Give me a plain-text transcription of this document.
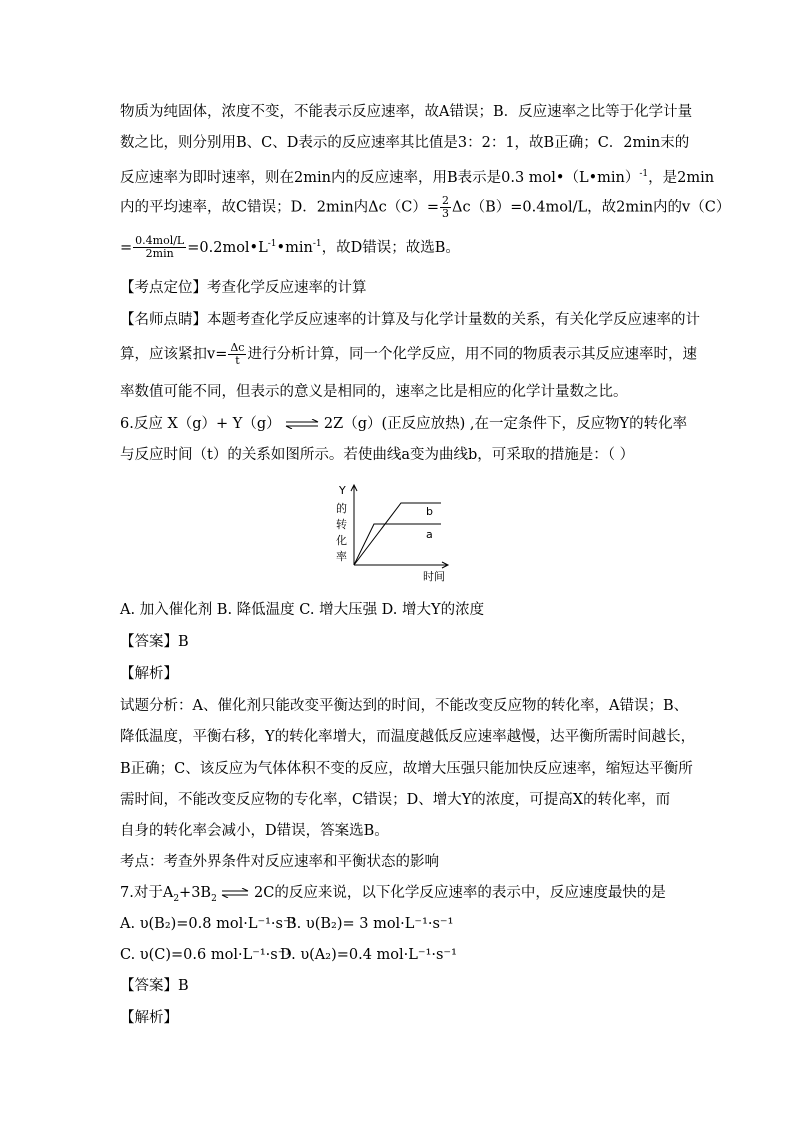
物质为纯固体，浓度不变，不能表示反应速率，故A错误；B．反应速率之比等于化学计量
数之比，则分别用B、C、D表示的反应速率其比值是3：2：1，故B正确；C．2min末的
反应速率为即时速率，则在2min内的反应速率，用B表示是0.3 mol•（L•min）$^{-1}$，是2min
内的平均速率，故C错误；D．2min内$\Delta c(C)= \frac{2}{3} \Delta c(B)=0.4mol/L$，故2min内的v（C）
= $\frac{\text{0.4mol/L}}{2\min}$ $=0.2mol•L^{-1}•\min^{-1}$，故D错误；故选B。
【考点定位】考查化学反应速率的计算
【名师点睛】本题考查化学反应速率的计算及与化学计量数的关系，有关化学反应速率的计
算，应该紧扣$v= \frac{\Delta c}{t}$ 进行分析计算，同一个化学反应，用不同的物质表示其反应速率时，速
率数值可能不同，但表示的意义是相同的，速率之比是相应的化学计量数之比。
6.反应 X（g）+ Y（g） ⇌ 2Z（g）(正反应放热) ,在一定条件下，反应物Y的转化率
与反应时间（t）的关系如图所示。若使曲线a变为曲线b，可采取的措施是：（ ）
Y
的
转
化
率
b
a
时间
A. 加入催化剂 B. 降低温度 C. 增大压强 D. 增大Y的浓度
【答案】B
【解析】
试题分析：A、催化剂只能改变平衡达到的时间，不能改变反应物的转化率，A错误；B、
降低温度，平衡右移，Y的转化率增大，而温度越低反应速率越慢，达平衡所需时间越长，
B正确；C、该反应为气体体积不变的反应，故增大压强只能加快反应速率，缩短达平衡所
需时间，不能改变反应物的专化率，C错误；D、增大Y的浓度，可提高X的转化率，而
自身的转化率会减小，D错误，答案选B。
考点：考查外界条件对反应速率和平衡状态的影响
7.对于$A_2+3B_2$ ⇌ 2C的反应来说，以下化学反应速率的表示中，反应速度最快的是
A. υ(B₂)=0.8 mol·L⁻¹·s⁻¹B. υ(B₂)= 3 mol·L⁻¹·s⁻¹
C. υ(C)=0.6 mol·L⁻¹·s⁻¹D. υ(A₂)=0.4 mol·L⁻¹·s⁻¹
【答案】B
【解析】
